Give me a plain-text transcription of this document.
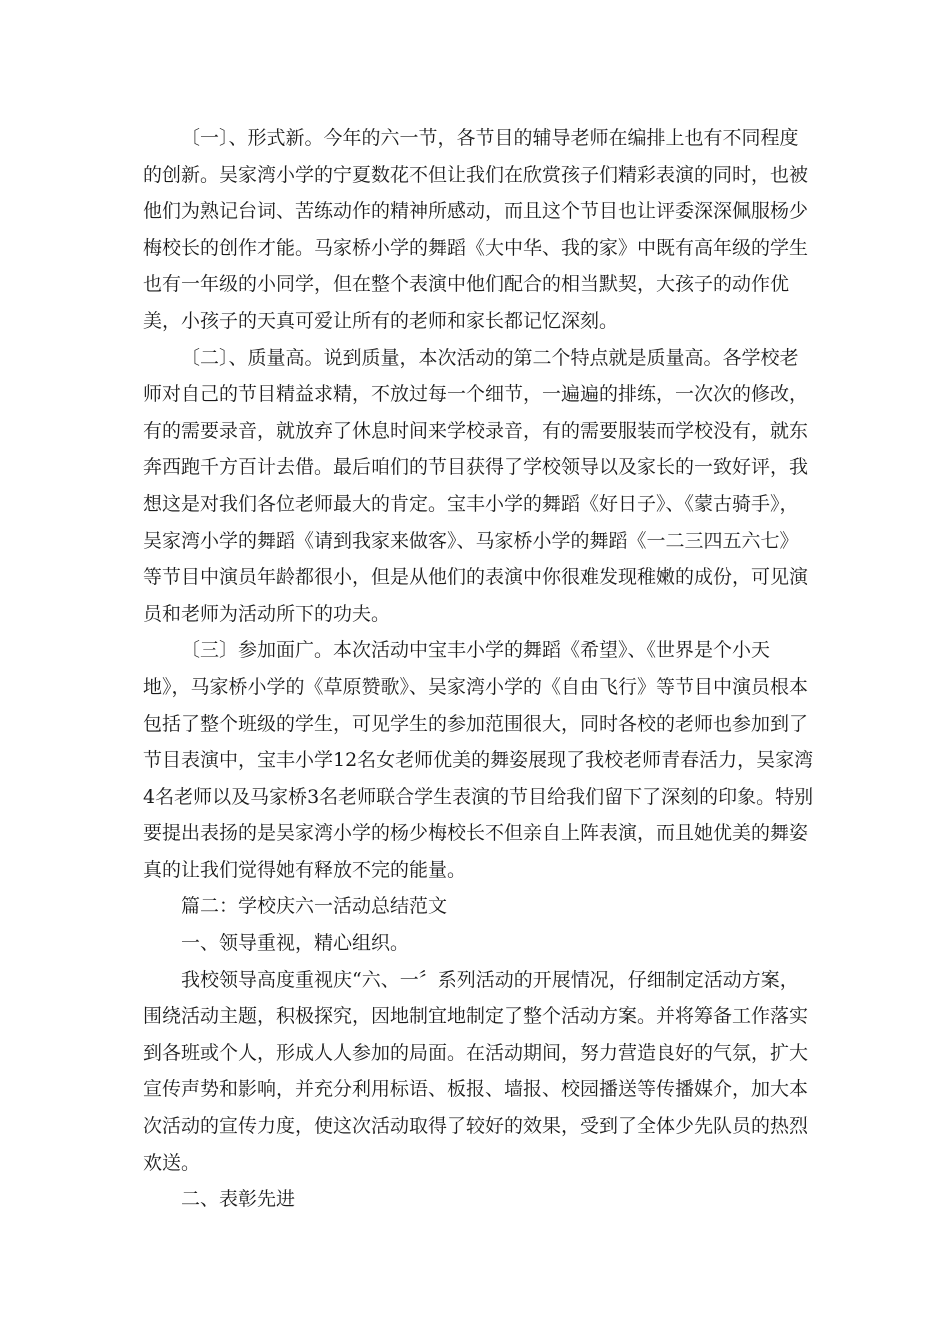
〔一〕、形式新。今年的六一节，各节目的辅导老师在编排上也有不同程度的创新。吴家湾小学的宁夏数花不但让我们在欣赏孩子们精彩表演的同时，也被他们为熟记台词、苦练动作的精神所感动，而且这个节目也让评委深深佩服杨少梅校长的创作才能。马家桥小学的舞蹈《大中华、我的家》中既有高年级的学生也有一年级的小同学，但在整个表演中他们配合的相当默契，大孩子的动作优美，小孩子的天真可爱让所有的老师和家长都记忆深刻。

〔二〕、质量高。说到质量，本次活动的第二个特点就是质量高。各学校老师对自己的节目精益求精，不放过每一个细节，一遍遍的排练，一次次的修改，有的需要录音，就放弃了休息时间来学校录音，有的需要服装而学校没有，就东奔西跑千方百计去借。最后咱们的节目获得了学校领导以及家长的一致好评，我想这是对我们各位老师最大的肯定。宝丰小学的舞蹈《好日子》、《蒙古骑手》，吴家湾小学的舞蹈《请到我家来做客》、马家桥小学的舞蹈《一二三四五六七》等节目中演员年龄都很小，但是从他们的表演中你很难发现稚嫩的成份，可见演员和老师为活动所下的功夫。

〔三〕参加面广。本次活动中宝丰小学的舞蹈《希望》、《世界是个小天地》，马家桥小学的《草原赞歌》、吴家湾小学的《自由飞行》等节目中演员根本包括了整个班级的学生，可见学生的参加范围很大，同时各校的老师也参加到了节目表演中，宝丰小学12名女老师优美的舞姿展现了我校老师青春活力，吴家湾4名老师以及马家桥3名老师联合学生表演的节目给我们留下了深刻的印象。特别要提出表扬的是吴家湾小学的杨少梅校长不但亲自上阵表演，而且她优美的舞姿真的让我们觉得她有释放不完的能量。

篇二：学校庆六一活动总结范文

一、领导重视，精心组织。

我校领导高度重视庆“六、一〞系列活动的开展情况，仔细制定活动方案，围绕活动主题，积极探究，因地制宜地制定了整个活动方案。并将筹备工作落实到各班或个人，形成人人参加的局面。在活动期间，努力营造良好的气氛，扩大宣传声势和影响，并充分利用标语、板报、墙报、校园播送等传播媒介，加大本次活动的宣传力度，使这次活动取得了较好的效果，受到了全体少先队员的热烈欢送。

二、表彰先进
